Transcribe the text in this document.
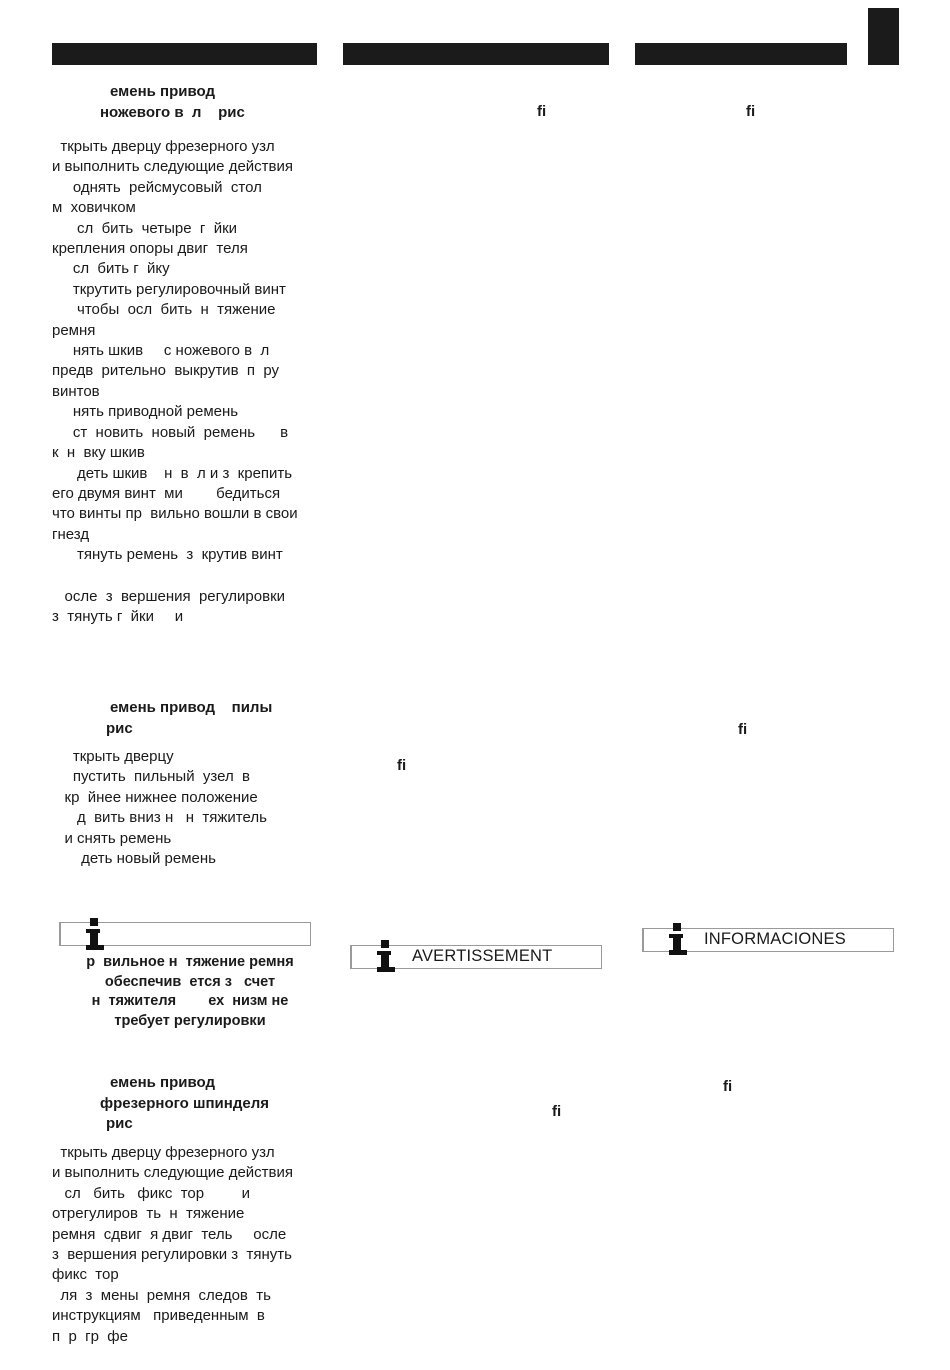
емень привод
ножевого в  л    рис	fi	fi
ткрыть дверцу фрезерного узл
и выполнить следующие действия
однять  рейсмусовый  стол
м  ховичком
сл  бить  четыре  г  йки
крепления опоры двиг  теля
сл  бить г  йку
ткрутить регулировочный винт
чтобы  осл  бить  н  тяжение
ремня
нять шкив     с ножевого в  л
предв  рительно  выкрутив  п  ру
винтов
нять приводной ремень
ст  новить  новый  ремень      в
к  н  вку шкив
деть шкив    н  в  л и з  крепить
его двумя винт  ми        бедиться
что винты пр  вильно вошли в свои
гнезд
тянуть ремень  з  крутив винт
осле  з  вершения  регулировки
з  тянуть г  йки     и
емень привод    пилы
рис	fi
fi
ткрыть дверцу
пустить  пильный  узел  в
кр  йнее нижнее положение
д  вить вниз н   н  тяжитель
и снять ремень
деть новый ремень
AVERTISSEMENT
INFORMACIONES
р  вильное н  тяжение ремня
обеспечив  ется з   счет
н  тяжителя        ех  низм не
требует регулировки
емень привод
фрезерного шпинделя
рис
fi
fi
ткрыть дверцу фрезерного узл
и выполнить следующие действия
сл   бить   фикс  тор         и
отрегулиров  ть  н  тяжение
ремня  сдвиг  я двиг  тель     осле
з  вершения регулировки з  тянуть
фикс  тор
ля  з  мены  ремня  следов  ть
инструкциям   приведенным  в
п  р  гр  фе
